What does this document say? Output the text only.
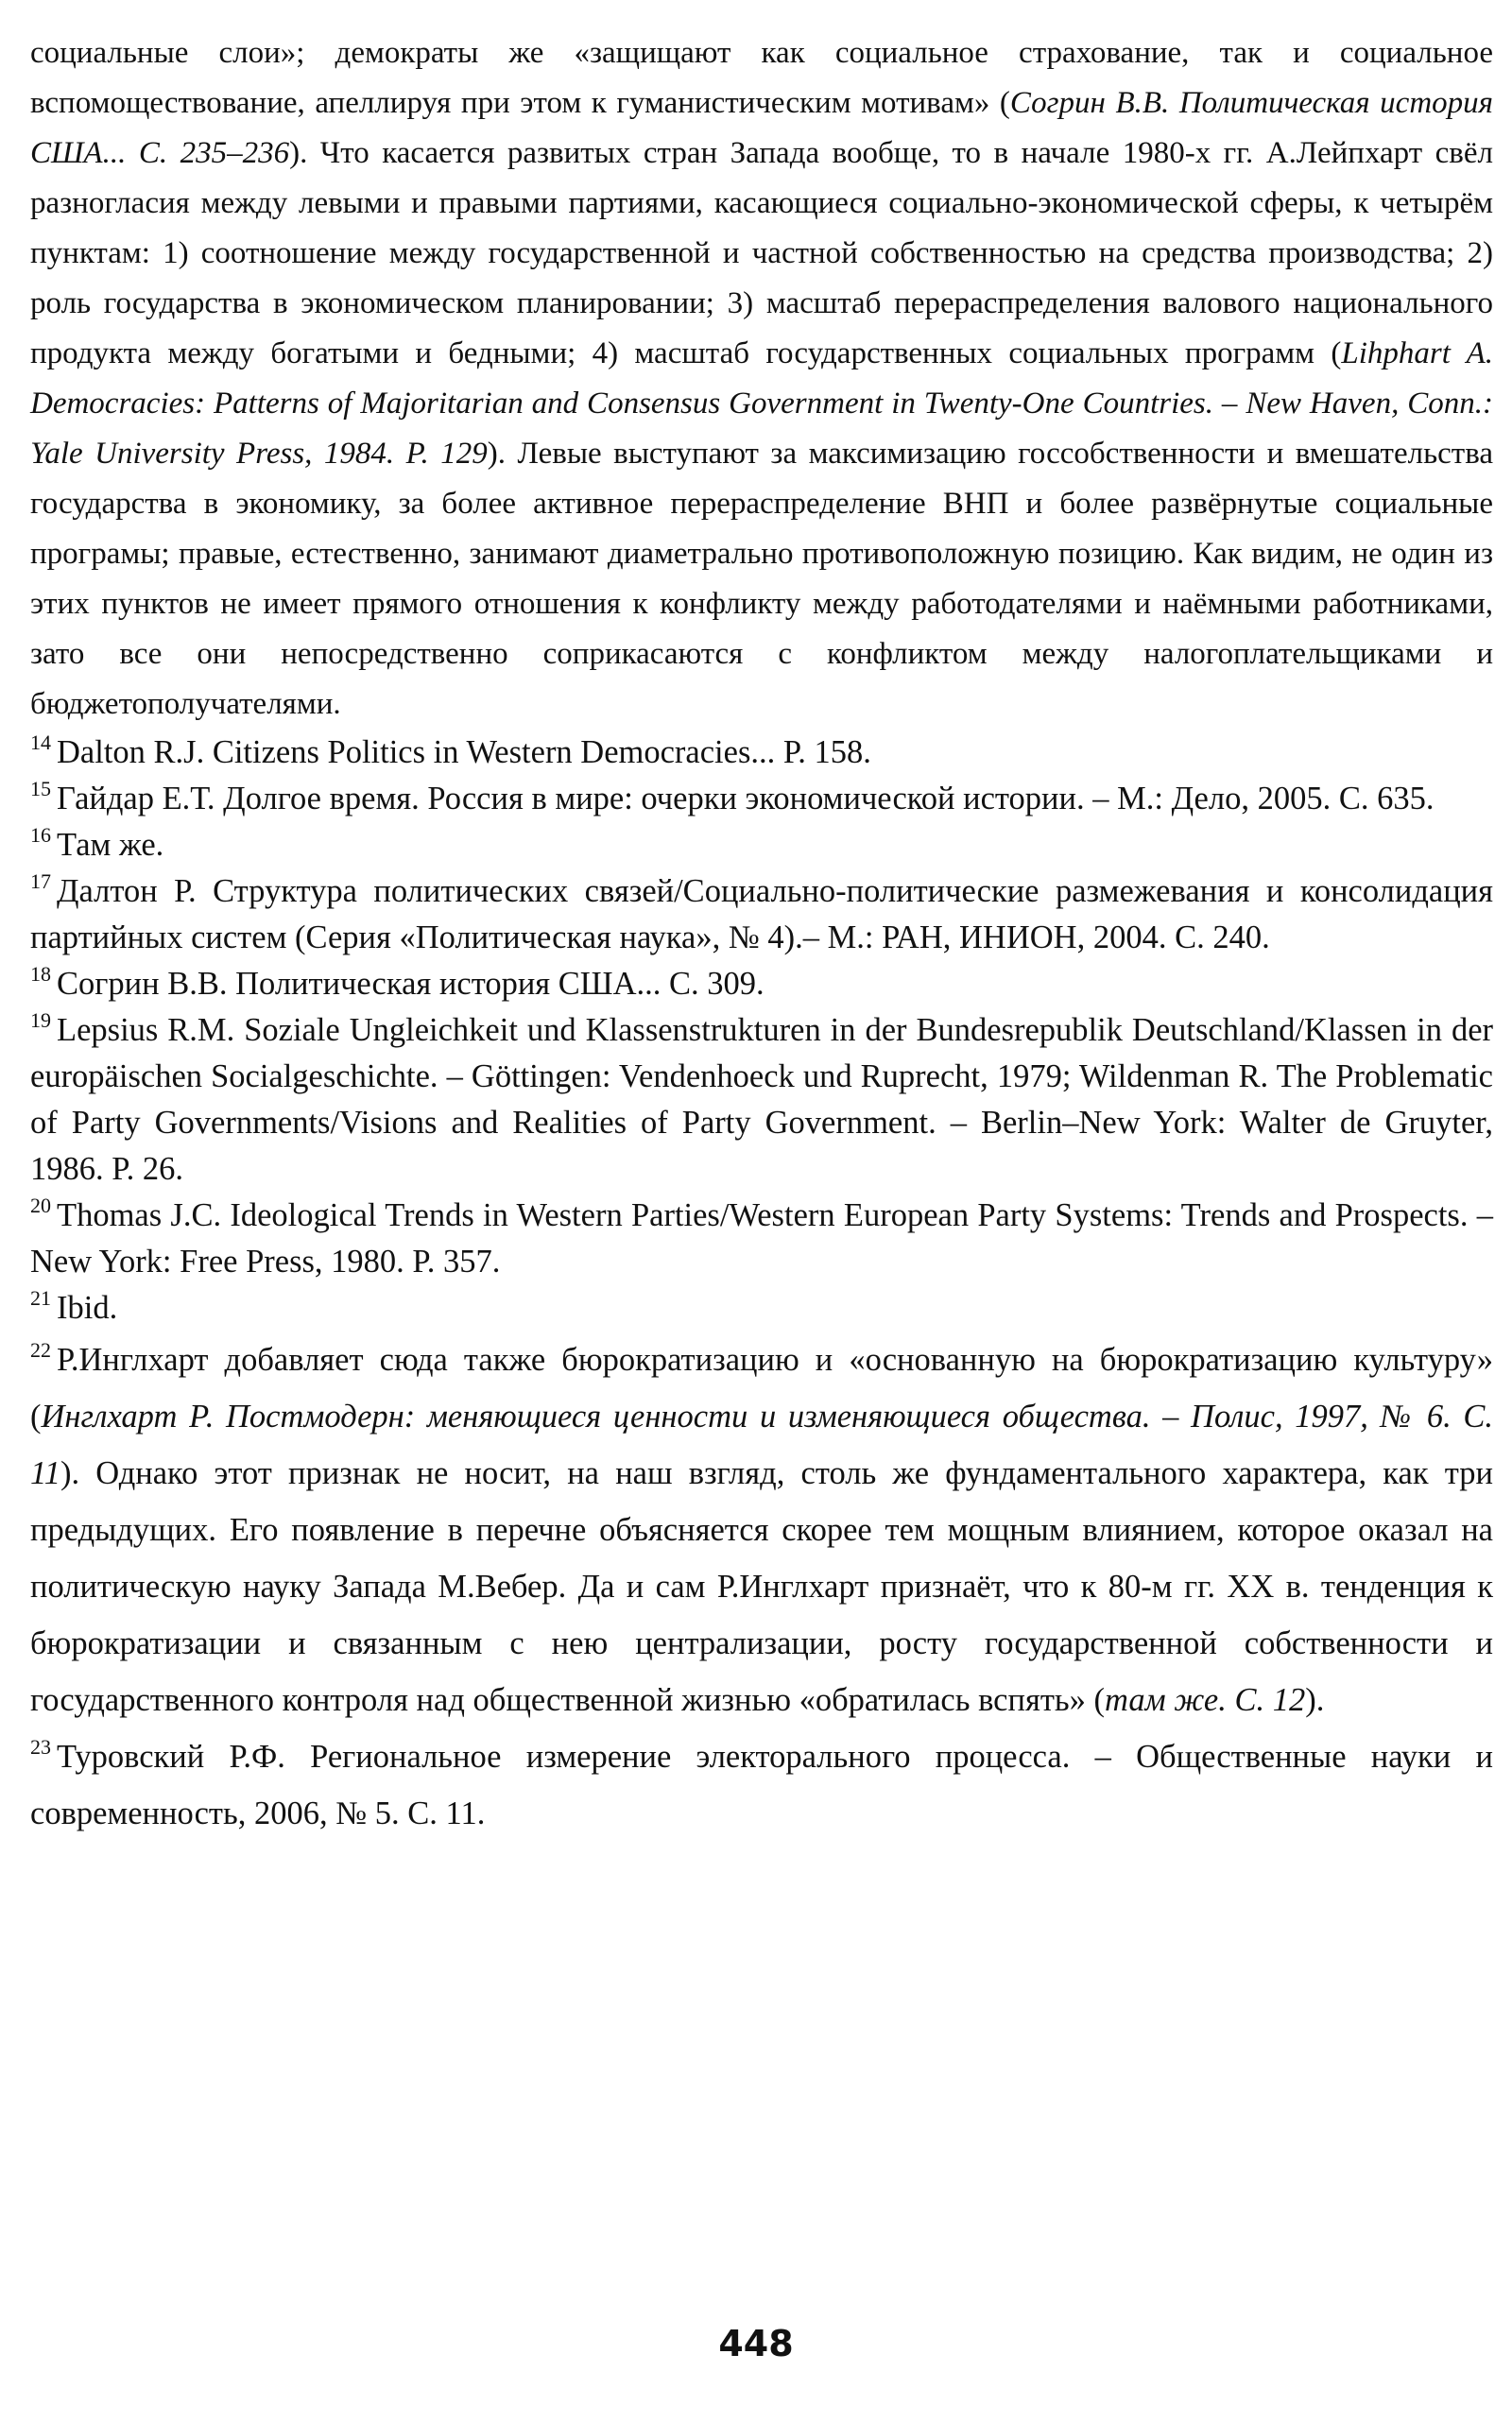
социальные слои»; демократы же «защищают как социальное страхование, так и социальное вспомоществование, апеллируя при этом к гуманистическим мотивам» (Согрин В.В. Политическая история США... С. 235–236). Что касается развитых стран Запада вообще, то в начале 1980-х гг. А.Лейпхарт свёл разногласия между левыми и правыми партиями, касающиеся социально-экономической сферы, к четырём пунктам: 1) соотношение между государственной и частной собственностью на средства производства; 2) роль государства в экономическом планировании; 3) масштаб перераспределения валового национального продукта между богатыми и бедными; 4) масштаб государственных социальных программ (Lihphart A. Democracies: Patterns of Majoritarian and Consensus Government in Twenty-One Countries. – New Haven, Conn.: Yale University Press, 1984. P. 129). Левые выступают за максимизацию госсобственности и вмешательства государства в экономику, за более активное перераспределение ВНП и более развёрнутые социальные програмы; правые, естественно, занимают диаметрально противоположную позицию. Как видим, не один из этих пунктов не имеет прямого отношения к конфликту между работодателями и наёмными работниками, зато все они непосредственно соприкасаются с конфликтом между налогоплательщиками и бюджетополучателями.

$^{14}$ Dalton R.J. Citizens Politics in Western Democracies... P. 158.

$^{15}$ Гайдар Е.Т. Долгое время. Россия в мире: очерки экономической истории. – М.: Дело, 2005. С. 635.

$^{16}$ Там же.

$^{17}$ Далтон Р. Структура политических связей/Социально-политические размежевания и консолидация партийных систем (Серия «Политическая наука», № 4).– М.: РАН, ИНИОН, 2004. С. 240.

$^{18}$ Согрин В.В. Политическая история США... С. 309.

$^{19}$ Lepsius R.M. Soziale Ungleichkeit und Klassenstrukturen in der Bundesrepublik Deutschland/Klassen in der europäischen Socialgeschichte. – Göttingen: Vendenhoeck und Ruprecht, 1979; Wildenman R. The Problematic of Party Governments/Visions and Realities of Party Government. – Berlin–New York: Walter de Gruyter, 1986. P. 26.

$^{20}$ Thomas J.C. Ideological Trends in Western Parties/Western European Party Systems: Trends and Prospects. – New York: Free Press, 1980. P. 357.

$^{21}$ Ibid.

$^{22}$ Р.Инглхарт добавляет сюда также бюрократизацию и «основанную на бюрократизацию культуру» (Инглхарт Р. Постмодерн: меняющиеся ценности и изменяющиеся общества. – Полис, 1997, № 6. С. 11). Однако этот признак не носит, на наш взгляд, столь же фундаментального характера, как три предыдущих. Его появление в перечне объясняется скорее тем мощным влиянием, которое оказал на политическую науку Запада М.Вебер. Да и сам Р.Инглхарт признаёт, что к 80-м гг. XX в. тенденция к бюрократизации и связанным с нею централизации, росту государственной собственности и государственного контроля над общественной жизнью «обратилась вспять» (там же. С. 12).

$^{23}$ Туровский Р.Ф. Региональное измерение электорального процесса. – Общественные науки и современность, 2006, № 5. С. 11.

448
